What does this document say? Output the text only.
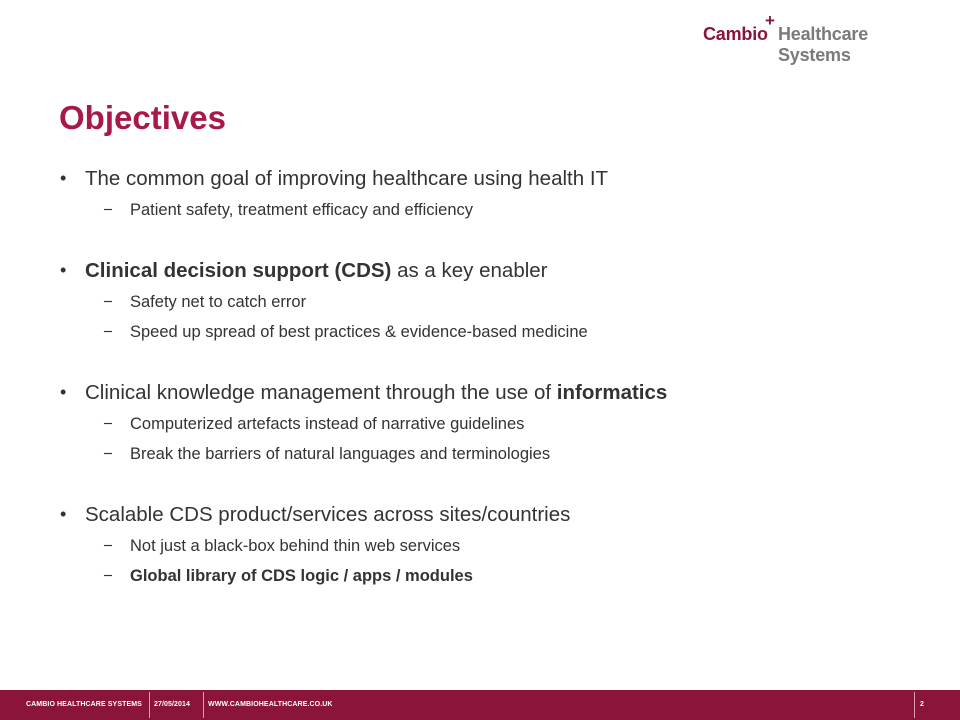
Cambio
+
Healthcare Systems
Objectives
• The common goal of improving healthcare using health IT
− Patient safety, treatment efficacy and efficiency
• Clinical decision support (CDS) as a key enabler
− Safety net to catch error
− Speed up spread of best practices & evidence-based medicine
• Clinical knowledge management through the use of informatics
− Computerized artefacts instead of narrative guidelines
− Break the barriers of natural languages and terminologies
• Scalable CDS product/services across sites/countries
− Not just a black-box behind thin web services
− Global library of CDS logic / apps / modules
CAMBIO HEALTHCARE SYSTEMS 27/05/2014	WWW.CAMBIOHEALTHCARE.CO.UK	2
